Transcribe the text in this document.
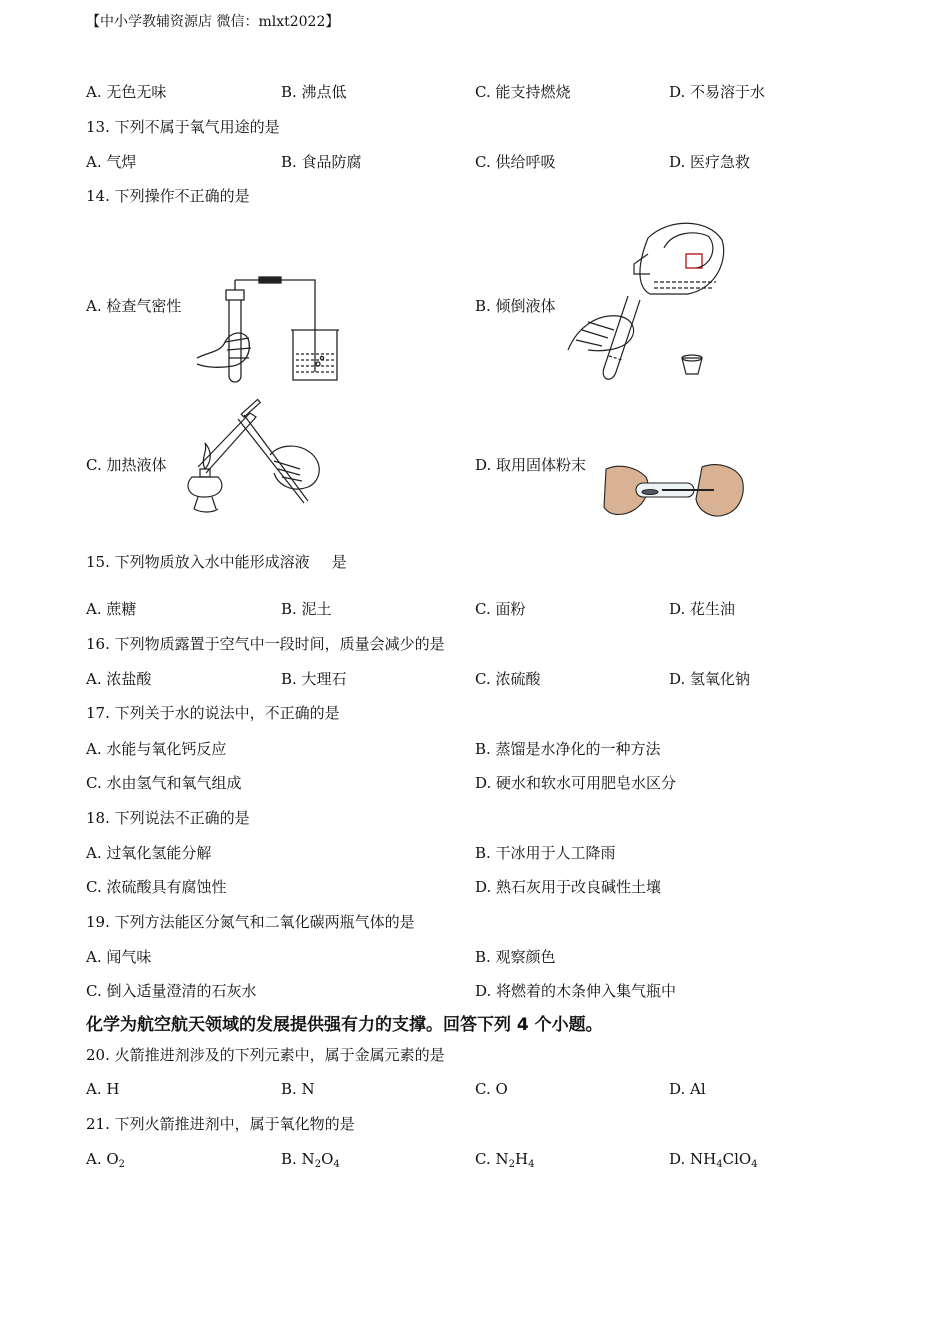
【中小学教辅资源店 微信：mlxt2022】
A. 无色无味	B. 沸点低	C. 能支持燃烧	D. 不易溶于水
13. 下列不属于氧气用途的是
A. 气焊	B. 食品防腐	C. 供给呼吸	D. 医疗急救
14. 下列操作不正确的是
A. 检查气密性	B. 倾倒液体
C. 加热液体	D. 取用固体粉末
15. 下列物质放入水中能形成溶液 是
A. 蔗糖	B. 泥土	C. 面粉	D. 花生油
16. 下列物质露置于空气中一段时间，质量会减少的是
A. 浓盐酸	B. 大理石	C. 浓硫酸	D. 氢氧化钠
17. 下列关于水的说法中，不正确的是
A. 水能与氧化钙反应	B. 蒸馏是水净化的一种方法
C. 水由氢气和氧气组成	D. 硬水和软水可用肥皂水区分
18. 下列说法不正确的是
A. 过氧化氢能分解	B. 干冰用于人工降雨
C. 浓硫酸具有腐蚀性	D. 熟石灰用于改良碱性土壤
19. 下列方法能区分氮气和二氧化碳两瓶气体的是
A. 闻气味	B. 观察颜色
C. 倒入适量澄清的石灰水	D. 将燃着的木条伸入集气瓶中
化学为航空航天领域的发展提供强有力的支撑。回答下列 4 个小题。
20. 火箭推进剂涉及的下列元素中，属于金属元素的是
A. H	B. N	C. O	D. Al
21. 下列火箭推进剂中，属于氧化物的是
A. $O_2$	B. $N_2O_4$	C. $N_2H_4$	D. $NH_4ClO_4$
